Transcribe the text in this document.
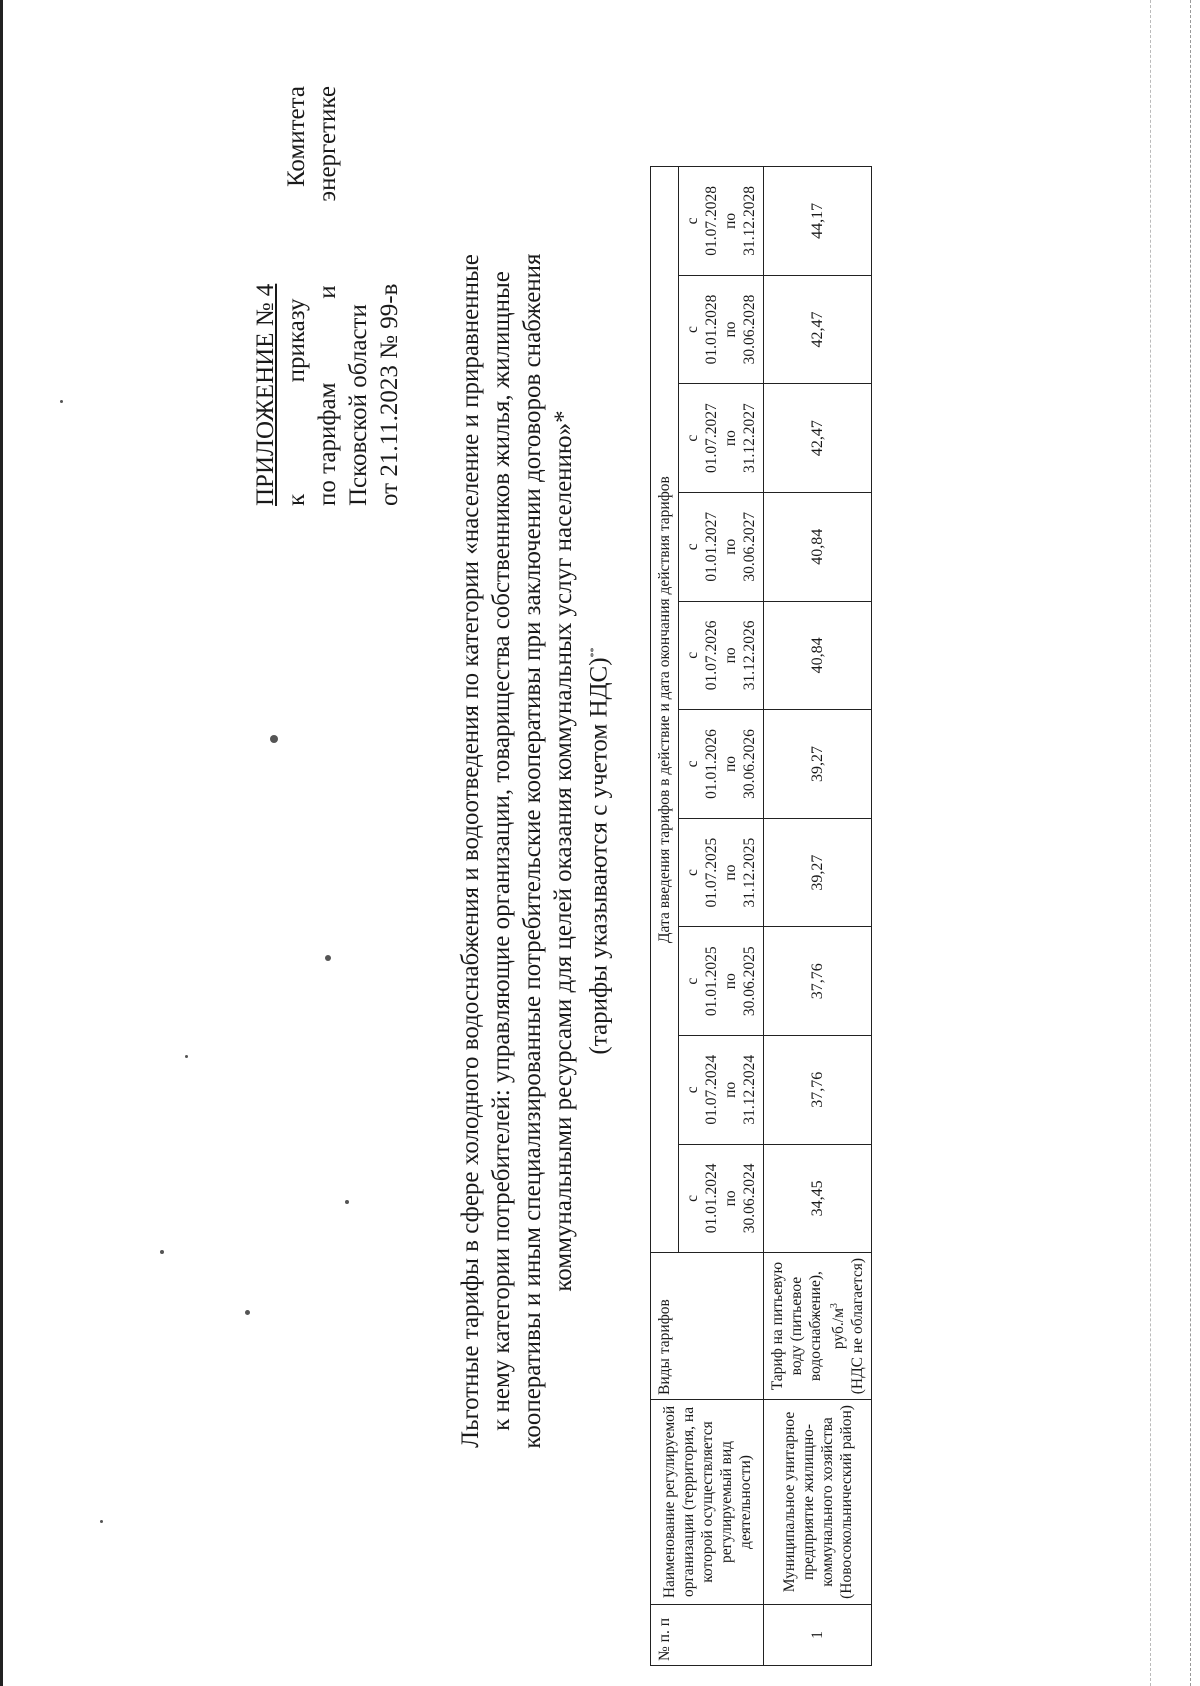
ПРИЛОЖЕНИЕ № 4 к
приказу
Комитета
по тарифам
и
энергетике
Псковской области от 21.11.2023 № 99-в Льготные тарифы в сфере холодного водоснабжения и водоотведения по категории «население и приравненные к нему категории потребителей: управляющие организации, товарищества собственников жилья, жилищные кооперативы и иным специализированные потребительские кооперативы при заключении договоров снабжения коммунальными ресурсами для целей оказания коммунальных услуг населению»* (тарифы указываются с учетом НДС)**
№ п. п	Наименование регулируемой организации (территория, на которой осуществляется регулируемый вид деятельности)	Виды тарифов	Дата введения тарифов в действие и дата окончания действия тарифов									

			с 01.01.2024 по 30.06.2024	с 01.07.2024 по 31.12.2024	с 01.01.2025 по 30.06.2025	с 01.07.2025 по 31.12.2025	с 01.01.2026 по 30.06.2026	с 01.07.2026 по 31.12.2026	с 01.01.2027 по 30.06.2027	с 01.07.2027 по 31.12.2027	с 01.01.2028 по 30.06.2028	с 01.07.2028 по 31.12.2028

1	Муниципальное унитарное предприятие жилищно-коммунального хозяйства (Новосокольнический район)	Тариф на питьевую воду (питьевое водоснабжение), $руб./м^3$ (НДС не облагается)	34,45	37,76	37,76	39,27	39,27	40,84	40,84	42,47	42,47	44,17
